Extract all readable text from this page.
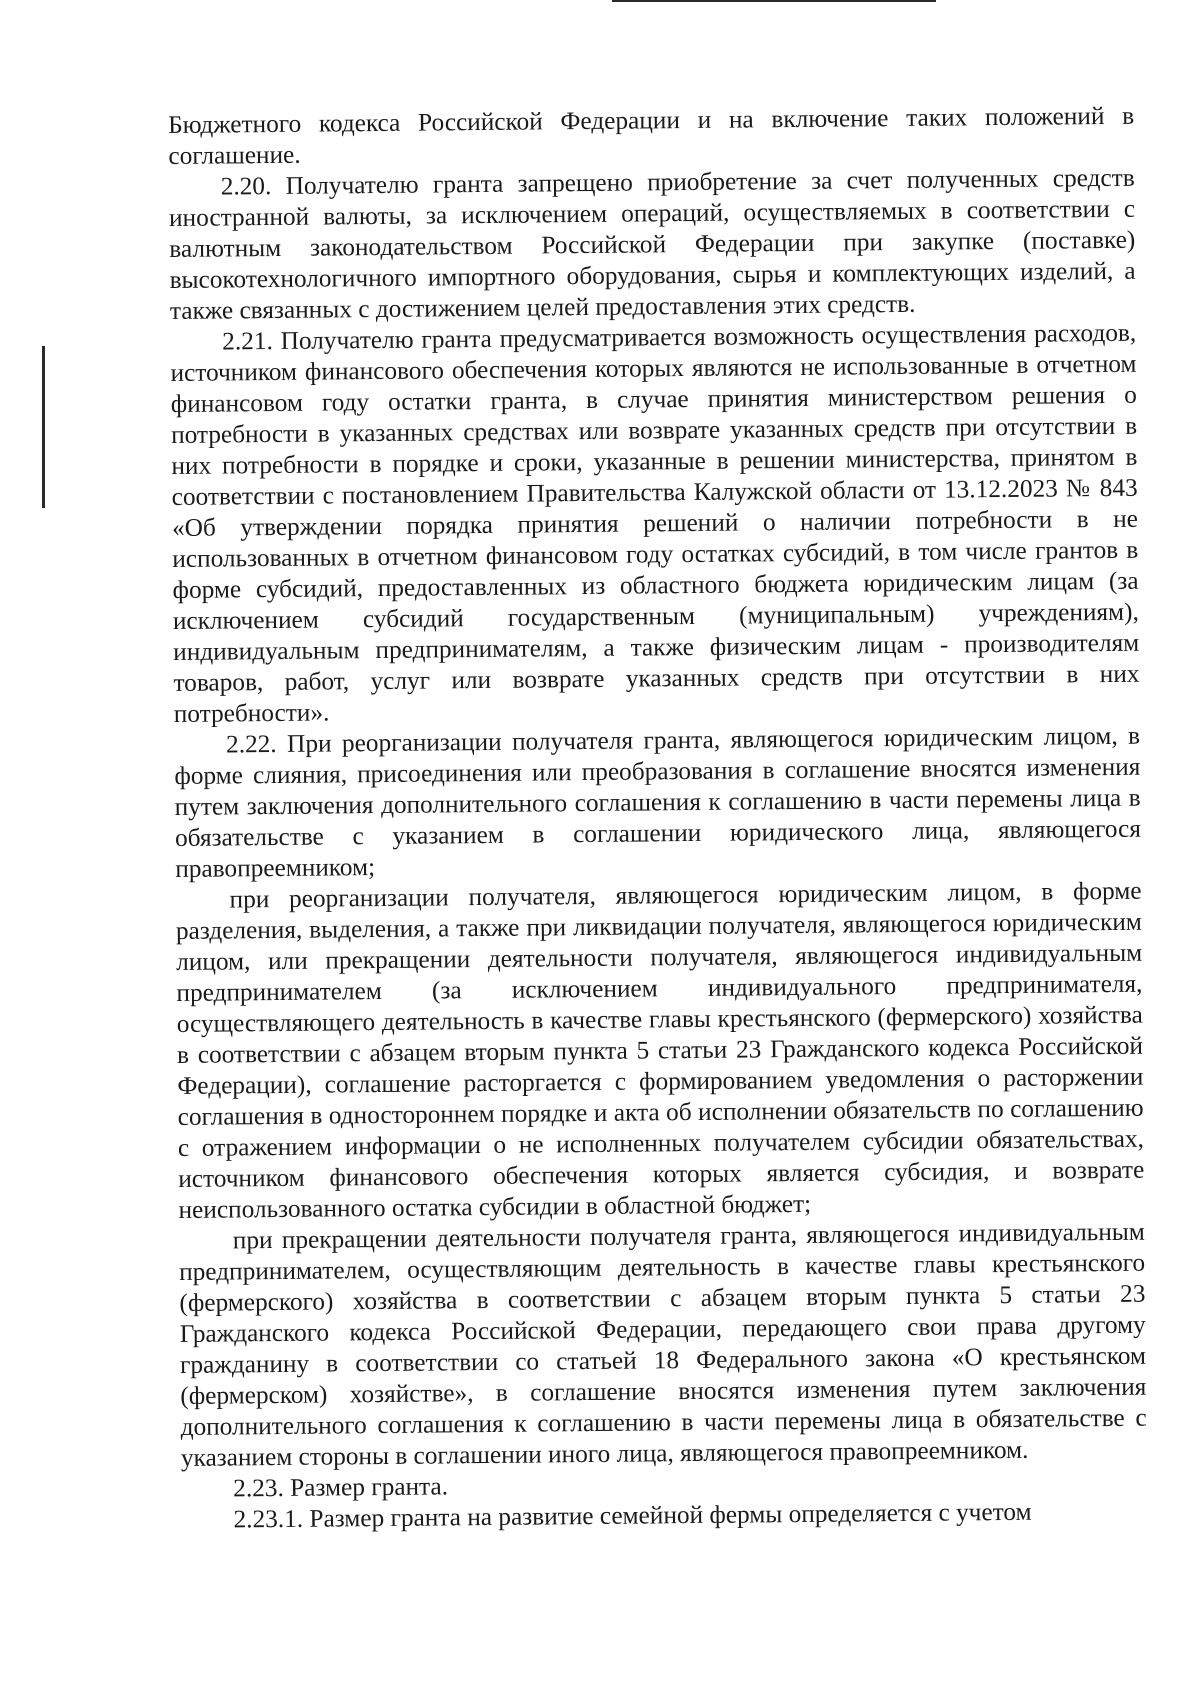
Бюджетного кодекса Российской Федерации и на включение таких положений в соглашение.

2.20. Получателю гранта запрещено приобретение за счет полученных средств иностранной валюты, за исключением операций, осуществляемых в соответствии с валютным законодательством Российской Федерации при закупке (поставке) высокотехнологичного импортного оборудования, сырья и комплектующих изделий, а также связанных с достижением целей предоставления этих средств.

2.21. Получателю гранта предусматривается возможность осуществления расходов, источником финансового обеспечения которых являются не использованные в отчетном финансовом году остатки гранта, в случае принятия министерством решения о потребности в указанных средствах или возврате указанных средств при отсутствии в них потребности в порядке и сроки, указанные в решении министерства, принятом в соответствии с постановлением Правительства Калужской области от 13.12.2023 № 843 «Об утверждении порядка принятия решений о наличии потребности в не использованных в отчетном финансовом году остатках субсидий, в том числе грантов в форме субсидий, предоставленных из областного бюджета юридическим лицам (за исключением субсидий государственным (муниципальным) учреждениям), индивидуальным предпринимателям, а также физическим лицам - производителям товаров, работ, услуг или возврате указанных средств при отсутствии в них потребности».

2.22. При реорганизации получателя гранта, являющегося юридическим лицом, в форме слияния, присоединения или преобразования в соглашение вносятся изменения путем заключения дополнительного соглашения к соглашению в части перемены лица в обязательстве с указанием в соглашении юридического лица, являющегося правопреемником;

при реорганизации получателя, являющегося юридическим лицом, в форме разделения, выделения, а также при ликвидации получателя, являющегося юридическим лицом, или прекращении деятельности получателя, являющегося индивидуальным предпринимателем (за исключением индивидуального предпринимателя, осуществляющего деятельность в качестве главы крестьянского (фермерского) хозяйства в соответствии с абзацем вторым пункта 5 статьи 23 Гражданского кодекса Российской Федерации), соглашение расторгается с формированием уведомления о расторжении соглашения в одностороннем порядке и акта об исполнении обязательств по соглашению с отражением информации о не исполненных получателем субсидии обязательствах, источником финансового обеспечения которых является субсидия, и возврате неиспользованного остатка субсидии в областной бюджет;

при прекращении деятельности получателя гранта, являющегося индивидуальным предпринимателем, осуществляющим деятельность в качестве главы крестьянского (фермерского) хозяйства в соответствии с абзацем вторым пункта 5 статьи 23 Гражданского кодекса Российской Федерации, передающего свои права другому гражданину в соответствии со статьей 18 Федерального закона «О крестьянском (фермерском) хозяйстве», в соглашение вносятся изменения путем заключения дополнительного соглашения к соглашению в части перемены лица в обязательстве с указанием стороны в соглашении иного лица, являющегося правопреемником.

2.23. Размер гранта.

2.23.1. Размер гранта на развитие семейной фермы определяется с учетом
